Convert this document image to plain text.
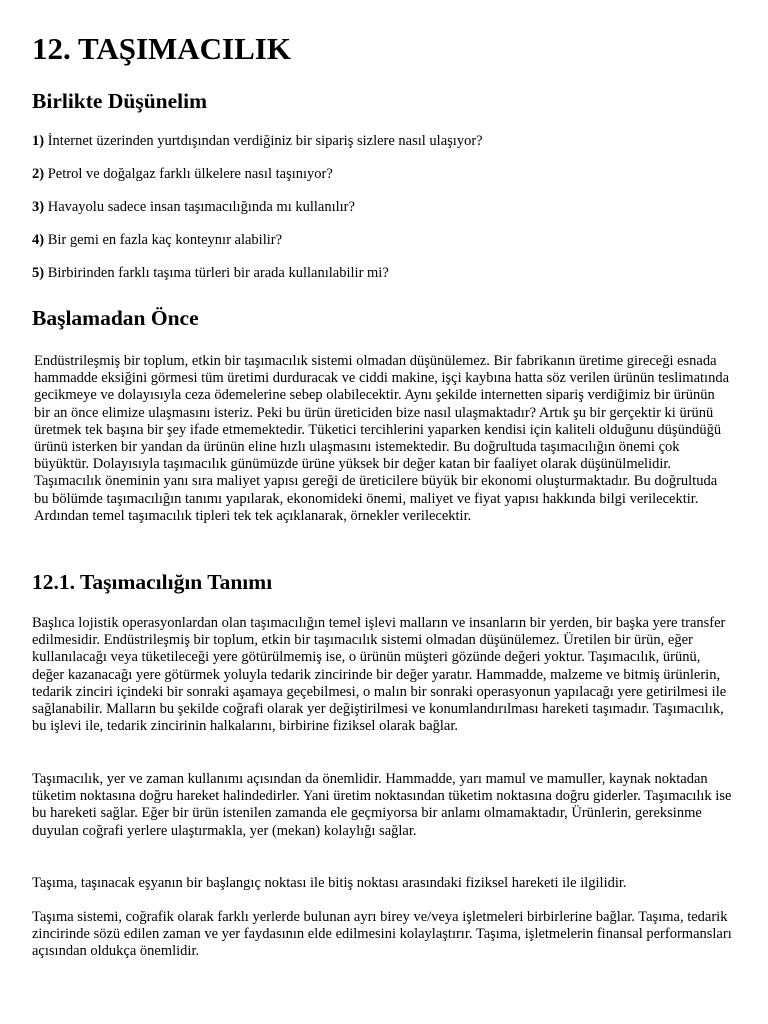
12. TAŞIMACILIK
Birlikte Düşünelim
1) İnternet üzerinden yurtdışından verdiğiniz bir sipariş sizlere nasıl ulaşıyor?
2) Petrol ve doğalgaz farklı ülkelere nasıl taşınıyor?
3) Havayolu sadece insan taşımacılığında mı kullanılır?
4) Bir gemi en fazla kaç konteynır alabilir?
5) Birbirinden farklı taşıma türleri bir arada kullanılabilir mi?
Başlamadan Önce

Endüstrileşmiş bir toplum, etkin bir taşımacılık sistemi olmadan düşünülemez. Bir fabrikanın üretime gireceği esnada hammadde eksiğini görmesi tüm üretimi durduracak ve ciddi makine, işçi kaybına hatta söz verilen ürünün teslimatında gecikmeye ve dolayısıyla ceza ödemelerine sebep olabilecektir. Aynı şekilde internetten sipariş verdiğimiz bir ürünün bir an önce elimize ulaşmasını isteriz. Peki bu ürün üreticiden bize nasıl ulaşmaktadır? Artık şu bir gerçektir ki ürünü üretmek tek başına bir şey ifade etmemektedir. Tüketici tercihlerini yaparken kendisi için kaliteli olduğunu düşündüğü ürünü isterken bir yandan da ürünün eline hızlı ulaşmasını istemektedir. Bu doğrultuda taşımacılığın önemi çok büyüktür. Dolayısıyla taşımacılık günümüzde ürüne yüksek bir değer katan bir faaliyet olarak düşünülmelidir. Taşımacılık öneminin yanı sıra maliyet yapısı gereği de üreticilere büyük bir ekonomi oluşturmaktadır. Bu doğrultuda bu bölümde taşımacılığın tanımı yapılarak, ekonomideki önemi, maliyet ve fiyat yapısı hakkında bilgi verilecektir. Ardından temel taşımacılık tipleri tek tek açıklanarak, örnekler verilecektir.

12.1. Taşımacılığın Tanımı

Başlıca lojistik operasyonlardan olan taşımacılığın temel işlevi malların ve insanların bir yerden, bir başka yere transfer edilmesidir. Endüstrileşmiş bir toplum, etkin bir taşımacılık sistemi olmadan düşünülemez. Üretilen bir ürün, eğer kullanılacağı veya tüketileceği yere götürülmemiş ise, o ürünün müşteri gözünde değeri yoktur. Taşımacılık, ürünü, değer kazanacağı yere götürmek yoluyla tedarik zincirinde bir değer yaratır. Hammadde, malzeme ve bitmiş ürünlerin, tedarik zinciri içindeki bir sonraki aşamaya geçebilmesi, o malın bir sonraki operasyonun yapılacağı yere getirilmesi ile sağlanabilir. Malların bu şekilde coğrafi olarak yer değiştirilmesi ve konumlandırılması hareketi taşımadır. Taşımacılık, bu işlevi ile, tedarik zincirinin halkalarını, birbirine fiziksel olarak bağlar.

Taşımacılık, yer ve zaman kullanımı açısından da önemlidir. Hammadde, yarı mamul ve mamuller, kaynak noktadan tüketim noktasına doğru hareket halindedirler. Yani üretim noktasından tüketim noktasına doğru giderler. Taşımacılık ise bu hareketi sağlar. Eğer bir ürün istenilen zamanda ele geçmiyorsa bir anlamı olmamaktadır, Ürünlerin, gereksinme duyulan coğrafi yerlere ulaştırmakla, yer (mekan) kolaylığı sağlar.

Taşıma, taşınacak eşyanın bir başlangıç noktası ile bitiş noktası arasındaki fiziksel hareketi ile ilgilidir.

Taşıma sistemi, coğrafik olarak farklı yerlerde bulunan ayrı birey ve/veya işletmeleri birbirlerine bağlar. Taşıma, tedarik zincirinde sözü edilen zaman ve yer faydasının elde edilmesini kolaylaştırır. Taşıma, işletmelerin finansal performansları açısından oldukça önemlidir.
